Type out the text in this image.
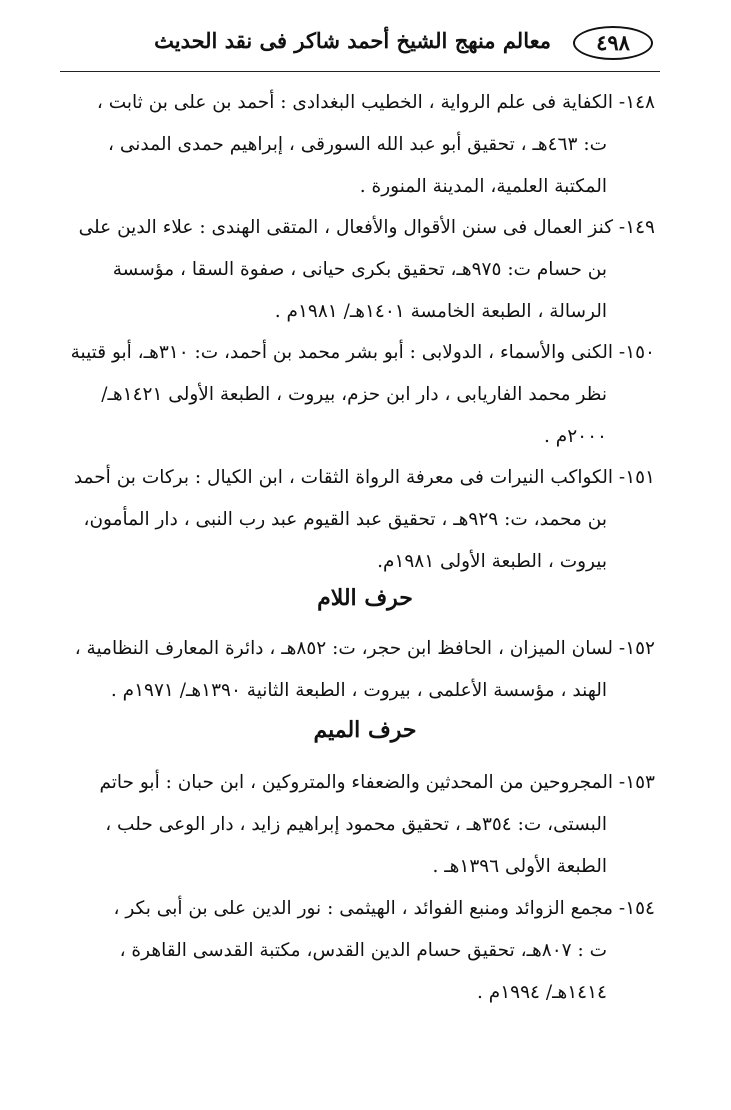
معالم منهج الشيخ أحمد شاكر فى نقد الحديث	٤٩٨
١٤٨- الكفاية فى علم الرواية ، الخطيب البغدادى : أحمد بن على بن ثابت ،
ت: ٤٦٣هـ ، تحقيق أبو عبد الله السورقى ، إبراهيم حمدى المدنى ،
المكتبة العلمية، المدينة المنورة .
١٤٩- كنز العمال فى سنن الأقوال والأفعال ، المتقى الهندى : علاء الدين على
بن حسام ت: ٩٧٥هـ، تحقيق بكرى حيانى ، صفوة السقا ، مؤسسة
الرسالة ، الطبعة الخامسة ١٤٠١هـ/ ١٩٨١م .
١٥٠- الكنى والأسماء ، الدولابى : أبو بشر محمد بن أحمد، ت: ٣١٠هـ، أبو قتيبة
نظر محمد الفاريابى ، دار ابن حزم، بيروت ، الطبعة الأولى ١٤٢١هـ/
٢٠٠٠م .
١٥١- الكواكب النيرات فى معرفة الرواة الثقات ، ابن الكيال : بركات بن أحمد
بن محمد، ت: ٩٢٩هـ ، تحقيق عبد القيوم عبد رب النبى ، دار المأمون،
بيروت ، الطبعة الأولى ١٩٨١م.
حرف اللام
١٥٢- لسان الميزان ، الحافظ ابن حجر، ت: ٨٥٢هـ ، دائرة المعارف النظامية ،
الهند ، مؤسسة الأعلمى ، بيروت ، الطبعة الثانية ١٣٩٠هـ/ ١٩٧١م .
حرف الميم
١٥٣- المجروحين من المحدثين والضعفاء والمتروكين ، ابن حبان : أبو حاتم
البستى، ت: ٣٥٤هـ ، تحقيق محمود إبراهيم زايد ، دار الوعى حلب ،
الطبعة الأولى ١٣٩٦هـ .
١٥٤- مجمع الزوائد ومنبع الفوائد ، الهيثمى : نور الدين على بن أبى بكر ،
ت : ٨٠٧هـ، تحقيق حسام الدين القدس، مكتبة القدسى القاهرة ،
١٤١٤هـ/ ١٩٩٤م .
